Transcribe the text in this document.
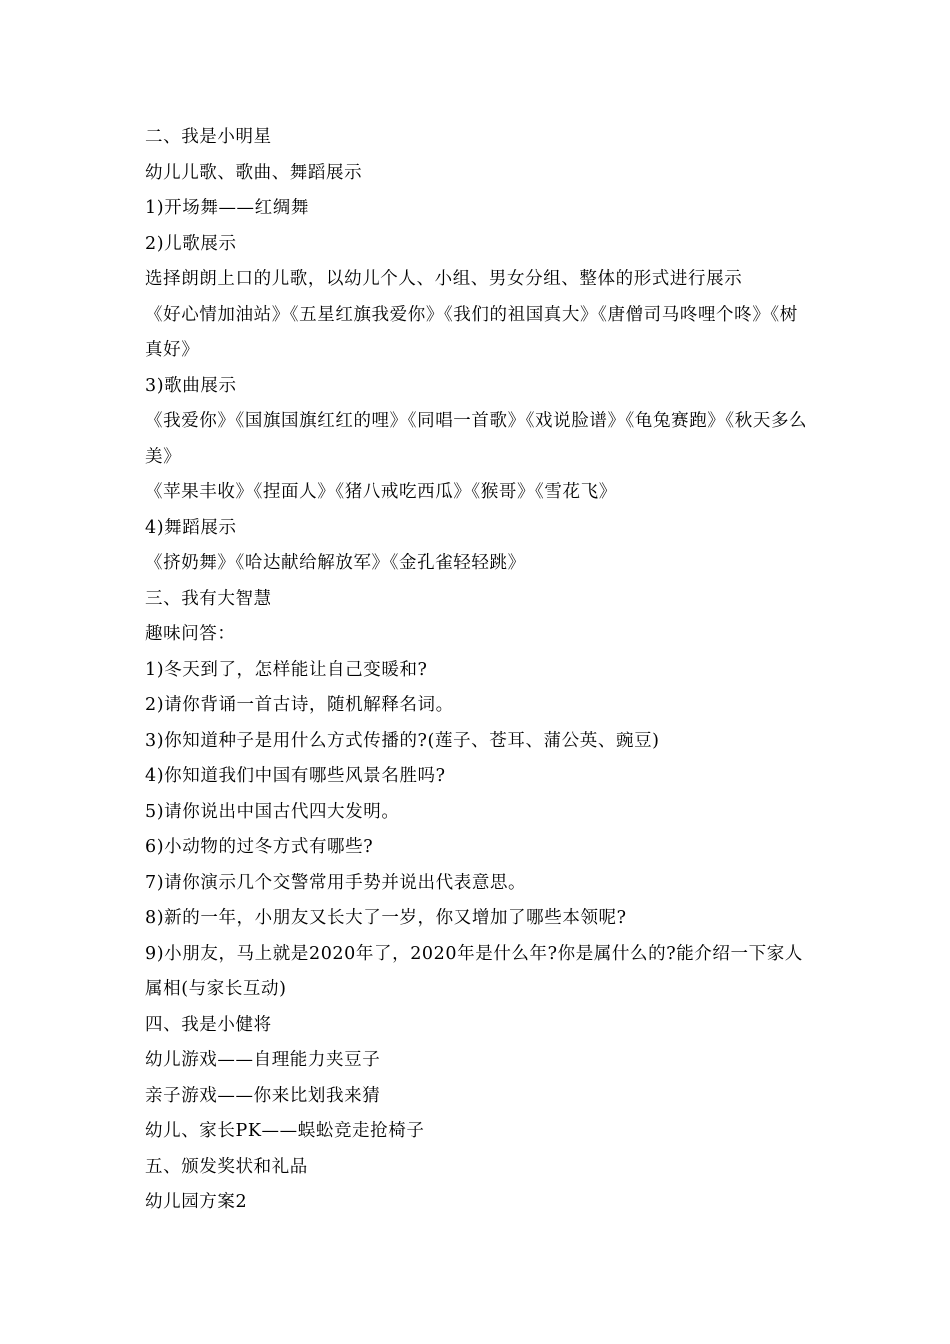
二、我是小明星
幼儿儿歌、歌曲、舞蹈展示
1)开场舞——红绸舞
2)儿歌展示
选择朗朗上口的儿歌，以幼儿个人、小组、男女分组、整体的形式进行展示
《好心情加油站》《五星红旗我爱你》《我们的祖国真大》《唐僧司马咚哩个咚》《树
真好》
3)歌曲展示
《我爱你》《国旗国旗红红的哩》《同唱一首歌》《戏说脸谱》《龟兔赛跑》《秋天多么
美》
《苹果丰收》《捏面人》《猪八戒吃西瓜》《猴哥》《雪花飞》
4)舞蹈展示
《挤奶舞》《哈达献给解放军》《金孔雀轻轻跳》
三、我有大智慧
趣味问答：
1)冬天到了，怎样能让自己变暖和?
2)请你背诵一首古诗，随机解释名词。
3)你知道种子是用什么方式传播的?(莲子、苍耳、蒲公英、豌豆)
4)你知道我们中国有哪些风景名胜吗?
5)请你说出中国古代四大发明。
6)小动物的过冬方式有哪些?
7)请你演示几个交警常用手势并说出代表意思。
8)新的一年，小朋友又长大了一岁，你又增加了哪些本领呢?
9)小朋友，马上就是2020年了，2020年是什么年?你是属什么的?能介绍一下家人
属相(与家长互动)
四、我是小健将
幼儿游戏——自理能力夹豆子
亲子游戏——你来比划我来猜
幼儿、家长PK——蜈蚣竞走抢椅子
五、颁发奖状和礼品
幼儿园方案2
